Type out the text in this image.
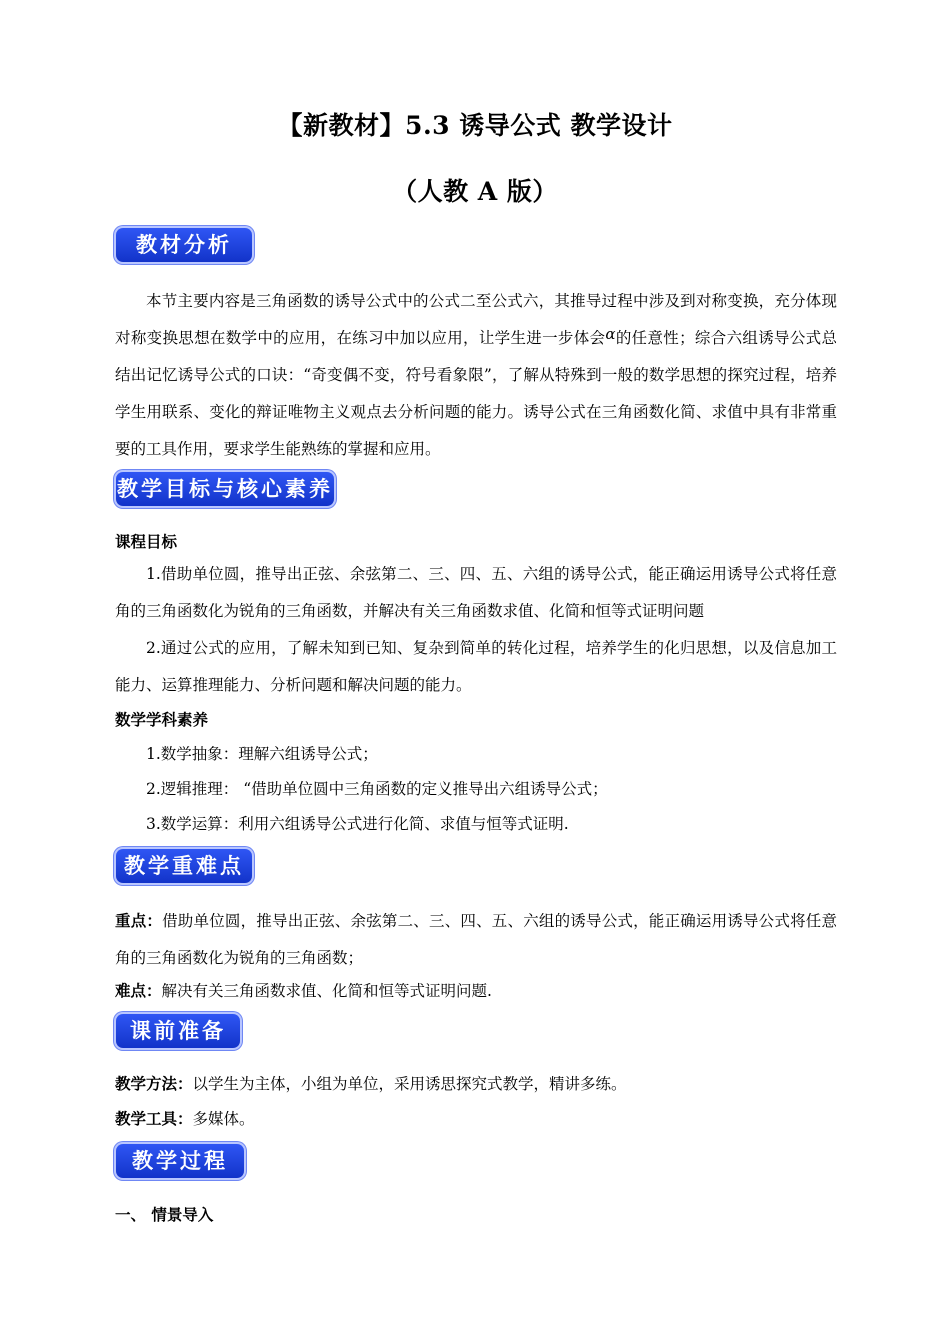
【新教材】5.3 诱导公式 教学设计
（人教 A 版）
教材分析
本节主要内容是三角函数的诱导公式中的公式二至公式六，其推导过程中涉及到对称变换，充分体现对称变换思想在数学中的应用，在练习中加以应用，让学生进一步体会α的任意性；综合六组诱导公式总结出记忆诱导公式的口诀：“奇变偶不变，符号看象限”，了解从特殊到一般的数学思想的探究过程，培养学生用联系、变化的辩证唯物主义观点去分析问题的能力。诱导公式在三角函数化简、求值中具有非常重要的工具作用，要求学生能熟练的掌握和应用。
教学目标与核心素养
课程目标
1.借助单位圆，推导出正弦、余弦第二、三、四、五、六组的诱导公式，能正确运用诱导公式将任意角的三角函数化为锐角的三角函数，并解决有关三角函数求值、化简和恒等式证明问题
2.通过公式的应用，了解未知到已知、复杂到简单的转化过程，培养学生的化归思想，以及信息加工能力、运算推理能力、分析问题和解决问题的能力。
数学学科素养
1.数学抽象：理解六组诱导公式；
2.逻辑推理： “借助单位圆中三角函数的定义推导出六组诱导公式；
3.数学运算：利用六组诱导公式进行化简、求值与恒等式证明.
教学重难点
重点：借助单位圆，推导出正弦、余弦第二、三、四、五、六组的诱导公式，能正确运用诱导公式将任意角的三角函数化为锐角的三角函数；
难点：解决有关三角函数求值、化简和恒等式证明问题.
课前准备
教学方法：以学生为主体，小组为单位，采用诱思探究式教学，精讲多练。
教学工具：多媒体。
教学过程
一、 情景导入
